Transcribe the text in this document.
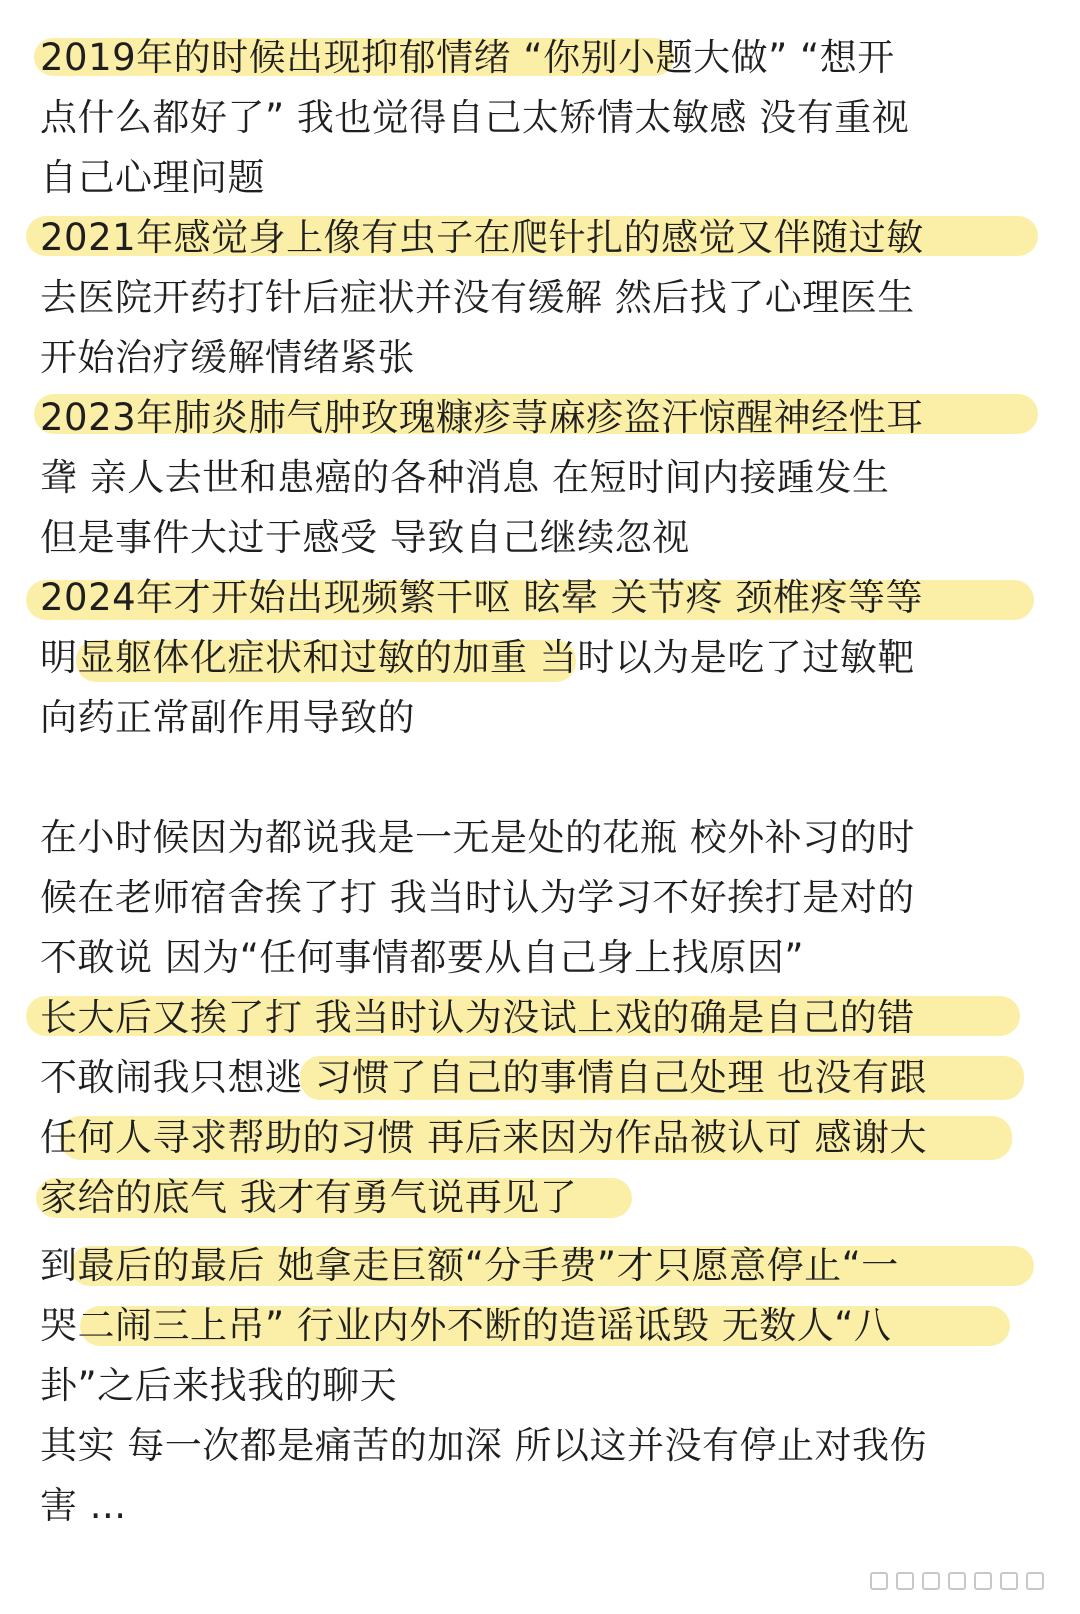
2019年的时候出现抑郁情绪 “你别小题大做” “想开
点什么都好了” 我也觉得自己太矫情太敏感 没有重视
自己心理问题
2021年感觉身上像有虫子在爬针扎的感觉又伴随过敏
去医院开药打针后症状并没有缓解 然后找了心理医生
开始治疗缓解情绪紧张
2023年肺炎肺气肿玫瑰糠疹荨麻疹盗汗惊醒神经性耳
聋 亲人去世和患癌的各种消息 在短时间内接踵发生
但是事件大过于感受 导致自己继续忽视
2024年才开始出现频繁干呕 眩晕 关节疼 颈椎疼等等
明显躯体化症状和过敏的加重 当时以为是吃了过敏靶
向药正常副作用导致的
在小时候因为都说我是一无是处的花瓶 校外补习的时
候在老师宿舍挨了打 我当时认为学习不好挨打是对的
不敢说 因为“任何事情都要从自己身上找原因”
长大后又挨了打 我当时认为没试上戏的确是自己的错
不敢闹我只想逃 习惯了自己的事情自己处理 也没有跟
任何人寻求帮助的习惯 再后来因为作品被认可 感谢大
家给的底气 我才有勇气说再见了
到最后的最后 她拿走巨额“分手费”才只愿意停止“一
哭二闹三上吊” 行业内外不断的造谣诋毁 无数人“八
卦”之后来找我的聊天
其实 每一次都是痛苦的加深 所以这并没有停止对我伤
害 ...
